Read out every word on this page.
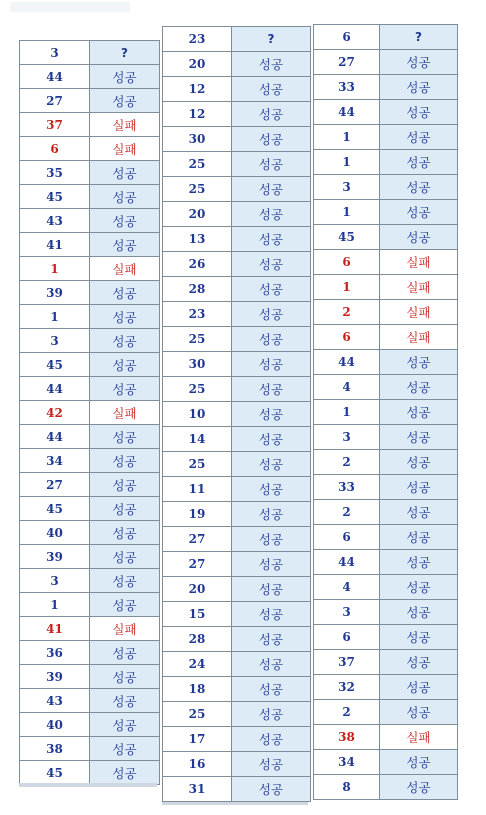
3	?
44	성공
27	성공
37	실패
6	실패
35	성공
45	성공
43	성공
41	성공
1	실패
39	성공
1	성공
3	성공
45	성공
44	성공
42	실패
44	성공
34	성공
27	성공
45	성공
40	성공
39	성공
3	성공
1	성공
41	실패
36	성공
39	성공
43	성공
40	성공
38	성공
45	성공
23	?
20	성공
12	성공
12	성공
30	성공
25	성공
25	성공
20	성공
13	성공
26	성공
28	성공
23	성공
25	성공
30	성공
25	성공
10	성공
14	성공
25	성공
11	성공
19	성공
27	성공
27	성공
20	성공
15	성공
28	성공
24	성공
18	성공
25	성공
17	성공
16	성공
31	성공
6	?
27	성공
33	성공
44	성공
1	성공
1	성공
3	성공
1	성공
45	성공
6	실패
1	실패
2	실패
6	실패
44	성공
4	성공
1	성공
3	성공
2	성공
33	성공
2	성공
6	성공
44	성공
4	성공
3	성공
6	성공
37	성공
32	성공
2	성공
38	실패
34	성공
8	성공
